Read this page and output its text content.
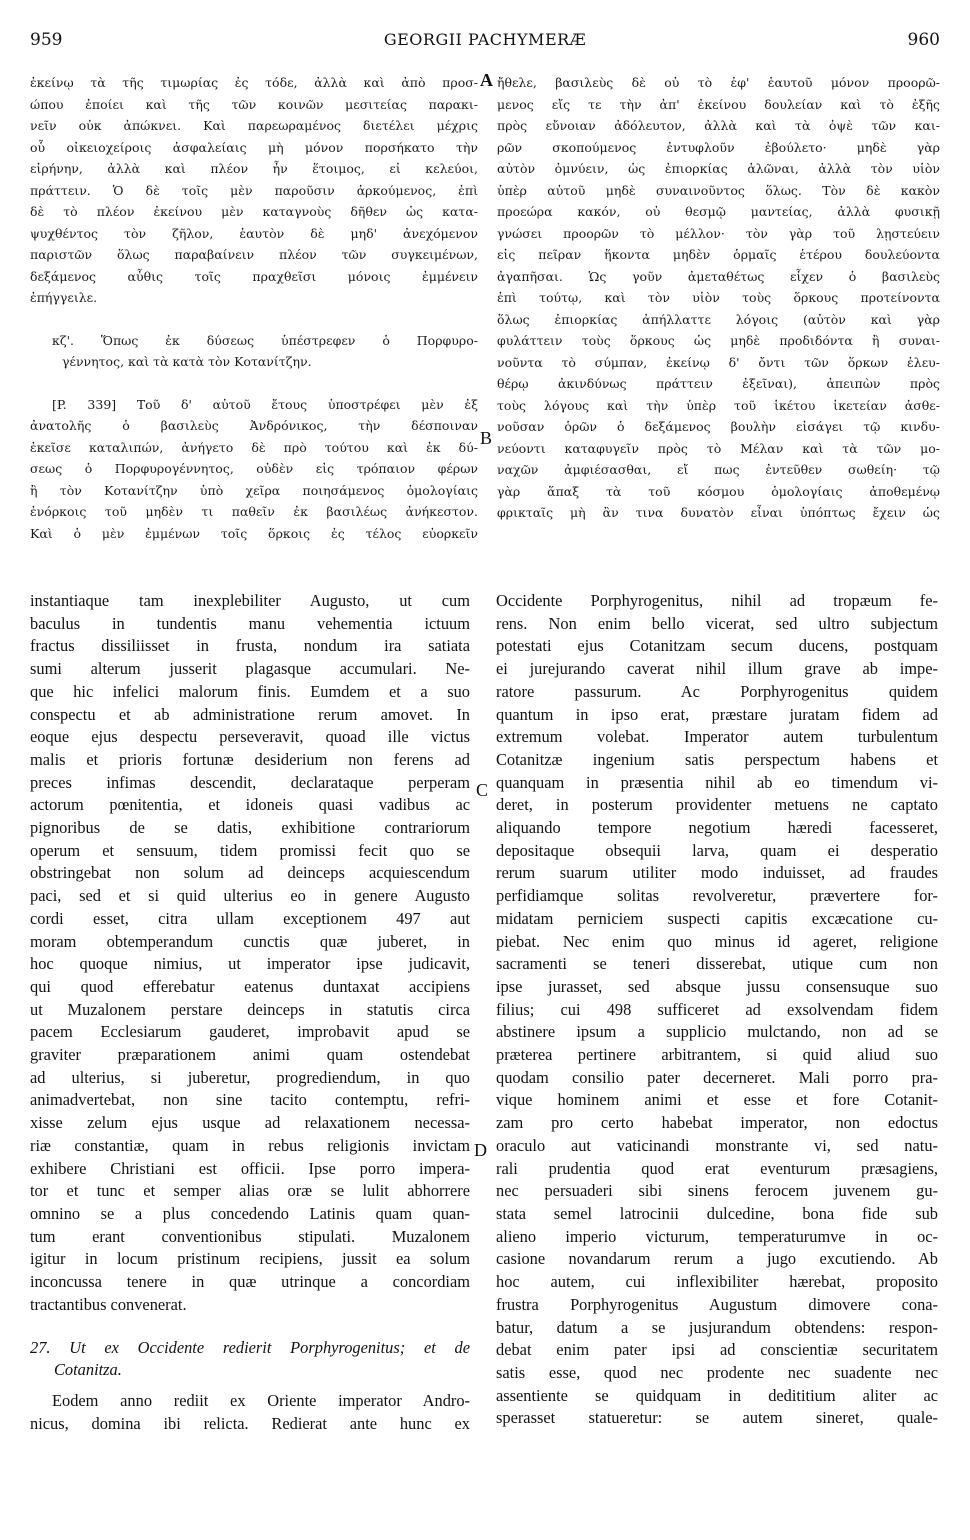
959	GEORGII PACHYMERÆ	960
A
B
C
D
ἐκείνῳ τὰ τῆς τιμωρίας ἐς τόδε, ἀλλὰ καὶ ἀπὸ προσ-
ώπου ἐποίει καὶ τῆς τῶν κοινῶν μεσιτείας παρακι-
νεῖν οὐκ ἀπώκνει. Καὶ παρεωραμένος διετέλει μέχρις
οὗ οἰκειοχείροις ἀσφαλείαις μὴ μόνον πορσήκατο τὴν
εἰρήνην, ἀλλὰ καὶ πλέον ἦν ἕτοιμος, εἰ κελεύοι,
πράττειν. Ὁ δὲ τοῖς μὲν παροῦσιν ἀρκούμενος, ἐπὶ
δὲ τὸ πλέον ἐκείνου μὲν καταγνοὺς δῆθεν ὡς κατα-
ψυχθέντος τὸν ζῆλον, ἑαυτὸν δὲ μηδ' ἀνεχόμενον
παριστῶν ὅλως παραβαίνειν πλέον τῶν συγκειμένων,
δεξάμενος αὖθις τοῖς πραχθεῖσι μόνοις ἐμμένειν
ἐπήγγειλε.
κζ'. Ὅπως ἐκ δύσεως ὑπέστρεφεν ὁ Πορφυρο-
γέννητος, καὶ τὰ κατὰ τὸν Κοτανίτζην.
[P. 339] Τοῦ δ' αὐτοῦ ἔτους ὑποστρέφει μὲν ἐξ
ἀνατολῆς ὁ βασιλεὺς Ἀνδρόνικος, τὴν δέσποιναν
ἐκεῖσε καταλιπών, ἀνήγετο δὲ πρὸ τούτου καὶ ἐκ δύ-
σεως ὁ Πορφυρογέννητος, οὐδὲν εἰς τρόπαιον φέρων
ἢ τὸν Κοτανίτζην ὑπὸ χεῖρα ποιησάμενος ὁμολογίαις
ἐνόρκοις τοῦ μηδὲν τι παθεῖν ἐκ βασιλέως ἀνήκεστον.
Καὶ ὁ μὲν ἐμμένων τοῖς ὅρκοις ἐς τέλος εὐορκεῖν
ἤθελε, βασιλεὺς δὲ οὐ τὸ ἐφ' ἑαυτοῦ μόνον προορῶ-
μενος εἴς τε τὴν ἀπ' ἐκείνου δουλείαν καὶ τὸ ἐξῆς
πρὸς εὔνοιαν ἀδόλευτον, ἀλλὰ καὶ τὰ ὀψὲ τῶν και-
ρῶν σκοπούμενος ἐντυφλοῦν ἐβούλετο· μηδὲ γὰρ
αὐτὸν ὀμνύειν, ὡς ἐπιορκίας ἁλῶναι, ἀλλὰ τὸν υἱὸν
ὑπὲρ αὐτοῦ μηδὲ συναινοῦντος ὅλως. Τὸν δὲ κακὸν
προεώρα κακόν, οὐ θεσμῷ μαντείας, ἀλλὰ φυσικῇ
γνώσει προορῶν τὸ μέλλον· τὸν γὰρ τοῦ λῃστεύειν
εἰς πεῖραν ἥκοντα μηδὲν ὁρμαῖς ἑτέρου δουλεύοντα
ἀγαπῆσαι. Ὡς γοῦν ἀμεταθέτως εἶχεν ὁ βασιλεὺς
ἐπὶ τούτῳ, καὶ τὸν υἱὸν τοὺς ὅρκους προτείνοντα
ὅλως ἐπιορκίας ἀπήλλαττε λόγοις (αὐτὸν καὶ γὰρ
φυλάττειν τοὺς ὅρκους ὡς μηδὲ προδιδόντα ἢ συναι-
νοῦντα τὸ σύμπαν, ἐκείνῳ δ' ὄντι τῶν ὅρκων ἐλευ-
θέρῳ ἀκινδύνως πράττειν ἐξεῖναι), ἀπειπὼν πρὸς
τοὺς λόγους καὶ τὴν ὑπὲρ τοῦ ἱκέτου ἱκετείαν ἀσθε-
νοῦσαν ὁρῶν ὁ δεξάμενος βουλὴν εἰσάγει τῷ κινδυ-
νεύοντι καταφυγεῖν πρὸς τὸ Μέλαν καὶ τὰ τῶν μο-
ναχῶν ἀμφιέσασθαι, εἴ πως ἐντεῦθεν σωθείη· τῷ
γὰρ ἅπαξ τὰ τοῦ κόσμου ὁμολογίαις ἀποθεμένῳ
φρικταῖς μὴ ἂν τινα δυνατὸν εἶναι ὑπόπτως ἔχειν ὡς
instantiaque tam inexplebiliter Augusto, ut cum
baculus in tundentis manu vehementia ictuum
fractus dissiliisset in frusta, nondum ira satiata
sumi alterum jusserit plagasque accumulari. Ne-
que hic infelici malorum finis. Eumdem et a suo
conspectu et ab administratione rerum amovet. In
eoque ejus despectu perseveravit, quoad ille victus
malis et prioris fortunæ desiderium non ferens ad
preces infimas descendit, declarataque perperam
actorum pœnitentia, et idoneis quasi vadibus ac
pignoribus de se datis, exhibitione contrariorum
operum et sensuum, tidem promissi fecit quo se
obstringebat non solum ad deinceps acquiescendum
paci, sed et si quid ulterius eo in genere Augusto
cordi esset, citra ullam exceptionem 497 aut
moram obtemperandum cunctis quæ juberet, in
hoc quoque nimius, ut imperator ipse judicavit,
qui quod efferebatur eatenus duntaxat accipiens
ut Muzalonem perstare deinceps in statutis circa
pacem Ecclesiarum gauderet, improbavit apud se
graviter præparationem animi quam ostendebat
ad ulterius, si juberetur, progrediendum, in quo
animadvertebat, non sine tacito contemptu, refri-
xisse zelum ejus usque ad relaxationem necessa-
riæ constantiæ, quam in rebus religionis invictam
exhibere Christiani est officii. Ipse porro impera-
tor et tunc et semper alias oræ se lulit abhorrere
omnino se a plus concedendo Latinis quam quan-
tum erant conventionibus stipulati. Muzalonem
igitur in locum pristinum recipiens, jussit ea solum
inconcussa tenere in quæ utrinque a concordiam
tractantibus convenerat.
27. Ut ex Occidente redierit Porphyrogenitus; et de
Cotanitza.
Eodem anno rediit ex Oriente imperator Andro-
nicus, domina ibi relicta. Redierat ante hunc ex
Occidente Porphyrogenitus, nihil ad tropæum fe-
rens. Non enim bello vicerat, sed ultro subjectum
potestati ejus Cotanitzam secum ducens, postquam
ei jurejurando caverat nihil illum grave ab impe-
ratore passurum. Ac Porphyrogenitus quidem
quantum in ipso erat, præstare juratam fidem ad
extremum volebat. Imperator autem turbulentum
Cotanitzæ ingenium satis perspectum habens et
quanquam in præsentia nihil ab eo timendum vi-
deret, in posterum providenter metuens ne captato
aliquando tempore negotium hæredi facesseret,
depositaque obsequii larva, quam ei desperatio
rerum suarum utiliter modo induisset, ad fraudes
perfidiamque solitas revolveretur, prævertere for-
midatam perniciem suspecti capitis excæcatione cu-
piebat. Nec enim quo minus id ageret, religione
sacramenti se teneri disserebat, utique cum non
ipse jurasset, sed absque jussu consensuque suo
filius; cui 498 sufficeret ad exsolvendam fidem
abstinere ipsum a supplicio mulctando, non ad se
præterea pertinere arbitrantem, si quid aliud suo
quodam consilio pater decerneret. Mali porro pra-
vique hominem animi et esse et fore Cotanit-
zam pro certo habebat imperator, non edoctus
oraculo aut vaticinandi monstrante vi, sed natu-
rali prudentia quod erat eventurum præsagiens,
nec persuaderi sibi sinens ferocem juvenem gu-
stata semel latrocinii dulcedine, bona fide sub
alieno imperio victurum, temperaturumve in oc-
casione novandarum rerum a jugo excutiendo. Ab
hoc autem, cui inflexibiliter hærebat, proposito
frustra Porphyrogenitus Augustum dimovere cona-
batur, datum a se jusjurandum obtendens: respon-
debat enim pater ipsi ad conscientiæ securitatem
satis esse, quod nec prodente nec suadente nec
assentiente se quidquam in dedititium aliter ac
sperasset statueretur: se autem sineret, quale-
